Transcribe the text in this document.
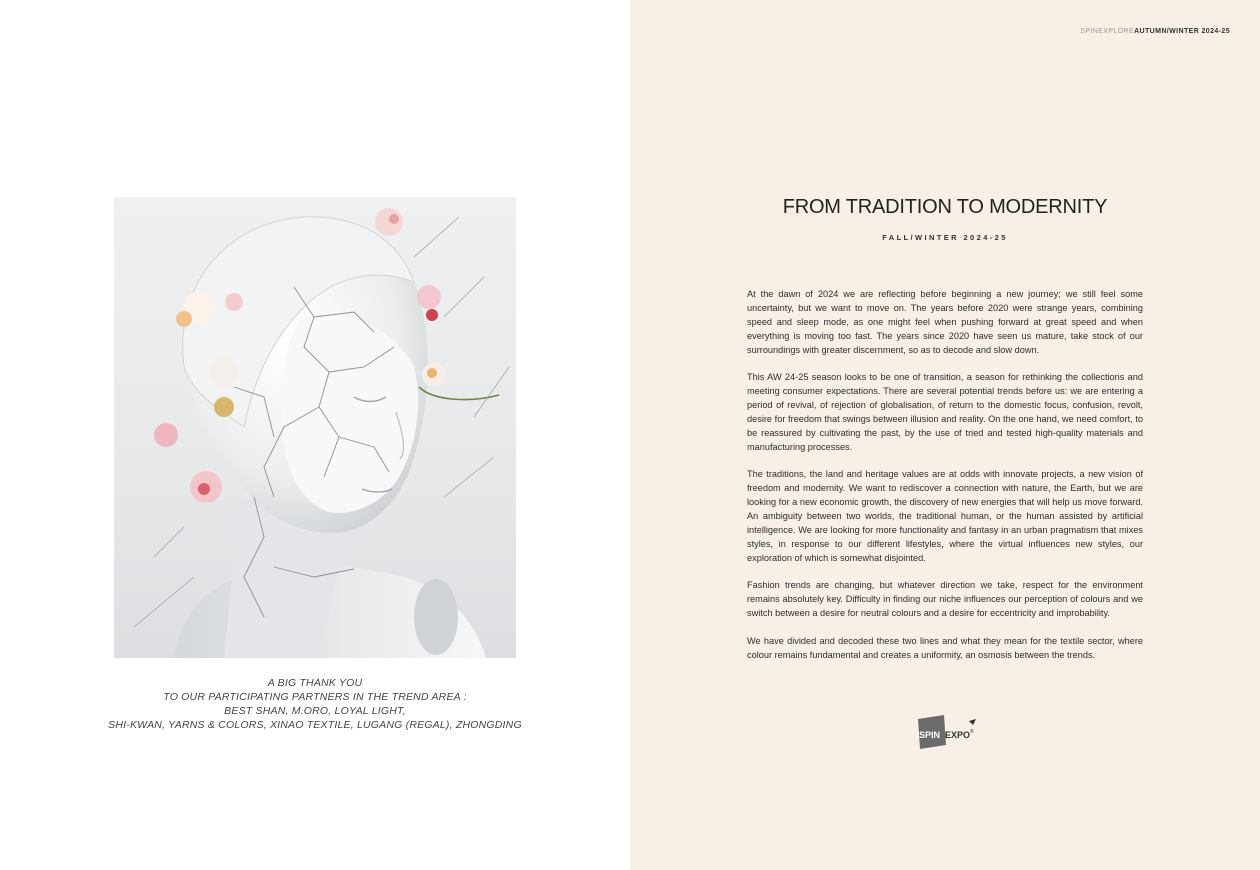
A BIG THANK YOU
TO OUR PARTICIPATING PARTNERS IN THE TREND AREA :
BEST SHAN, M.ORO, LOYAL LIGHT,
SHI-KWAN, YARNS & COLORS, XINAO TEXTILE, LUGANG (REGAL), ZHONGDING
SPINEXPLOREAUTUMN/WINTER 2024-25
FROM TRADITION TO MODERNITY
FALL/WINTER 2024-25

At the dawn of 2024 we are reflecting before beginning a new journey; we still feel some uncertainty, but we want to move on. The years before 2020 were strange years, combining speed and sleep mode, as one might feel when pushing forward at great speed and when everything is moving too fast. The years since 2020 have seen us mature, take stock of our surroundings with greater discernment, so as to decode and slow down.

This AW 24-25 season looks to be one of transition, a season for rethinking the collections and meeting consumer expectations. There are several potential trends before us: we are entering a period of revival, of rejection of globalisation, of return to the domestic focus, confusion, revolt, desire for freedom that swings between illusion and reality. On the one hand, we need comfort, to be reassured by cultivating the past, by the use of tried and tested high-quality materials and manufacturing processes.

The traditions, the land and heritage values are at odds with innovate projects, a new vision of freedom and modernity. We want to rediscover a connection with nature, the Earth, but we are looking for a new economic growth, the discovery of new energies that will help us move forward. An ambiguity between two worlds, the traditional human, or the human assisted by artificial intelligence. We are looking for more functionality and fantasy in an urban pragmatism that mixes styles, in response to our different lifestyles, where the virtual influences new styles, our exploration of which is somewhat disjointed.

Fashion trends are changing, but whatever direction we take, respect for the environment remains absolutely key. Difficulty in finding our niche influences our perception of colours and we switch between a desire for neutral colours and a desire for eccentricity and improbability.

We have divided and decoded these two lines and what they mean for the textile sector, where colour remains fundamental and creates a uniformity, an osmosis between the trends.

SPIN EXPO ®
